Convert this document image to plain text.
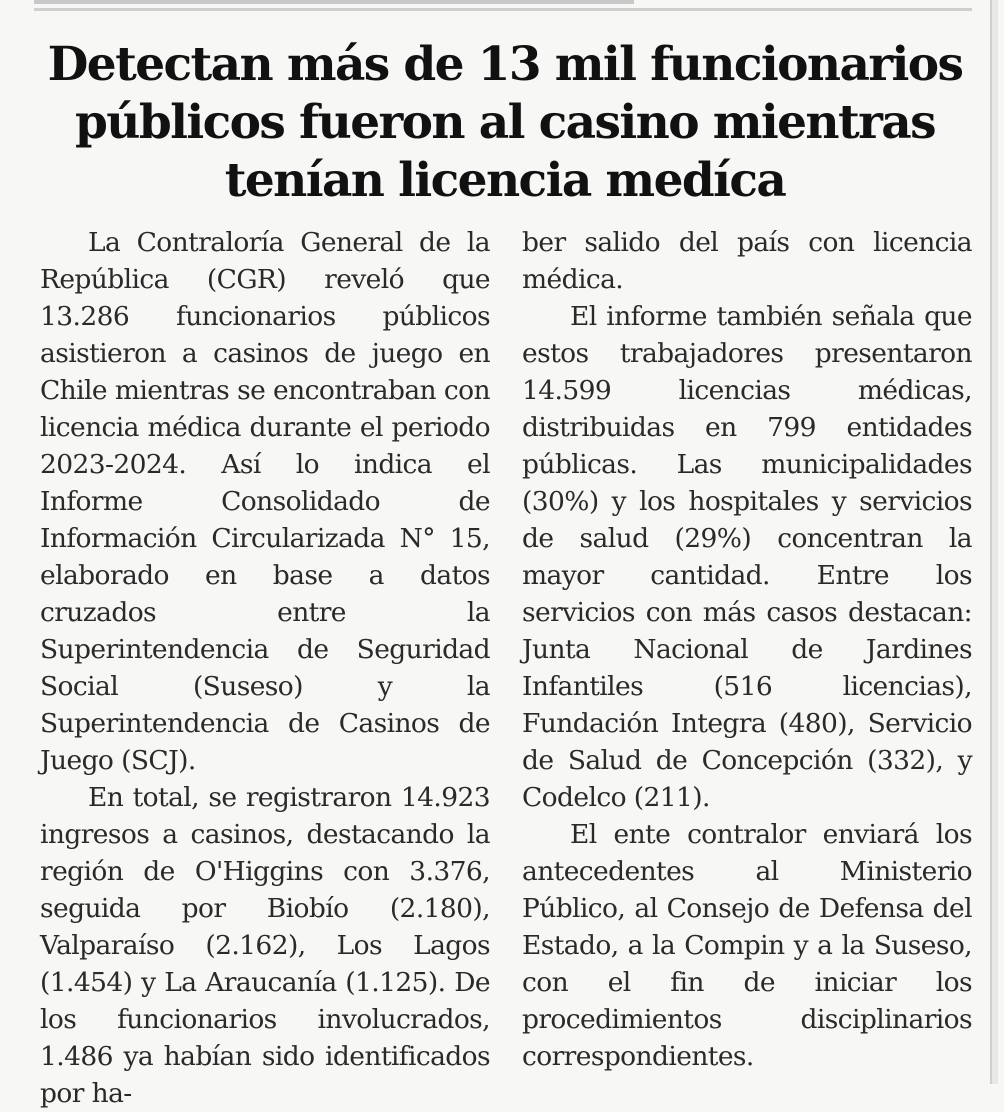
Detectan más de 13 mil funcionarios públicos fueron al casino mientras tenían licencia medíca

La Contraloría General de la República (CGR) reveló que 13.286 funcionarios públicos asistieron a casinos de juego en Chile mientras se encontraban con licencia médica durante el periodo 2023-2024. Así lo indica el Informe Consolidado de Información Circularizada N° 15, elaborado en base a datos cruzados entre la Superintendencia de Seguridad Social (Suseso) y la Superintendencia de Casinos de Juego (SCJ).

En total, se registraron 14.923 ingresos a casinos, destacando la región de O'Higgins con 3.376, seguida por Biobío (2.180), Valparaíso (2.162), Los Lagos (1.454) y La Araucanía (1.125). De los funcionarios involucrados, 1.486 ya habían sido identificados por ha-

ber salido del país con licencia médica.

El informe también señala que estos trabajadores presentaron 14.599 licencias médicas, distribuidas en 799 entidades públicas. Las municipalidades (30%) y los hospitales y servicios de salud (29%) concentran la mayor cantidad. Entre los servicios con más casos destacan: Junta Nacional de Jardines Infantiles (516 licencias), Fundación Integra (480), Servicio de Salud de Concepción (332), y Codelco (211).

El ente contralor enviará los antecedentes al Ministerio Público, al Consejo de Defensa del Estado, a la Compin y a la Suseso, con el fin de iniciar los procedimientos disciplinarios correspondientes.
